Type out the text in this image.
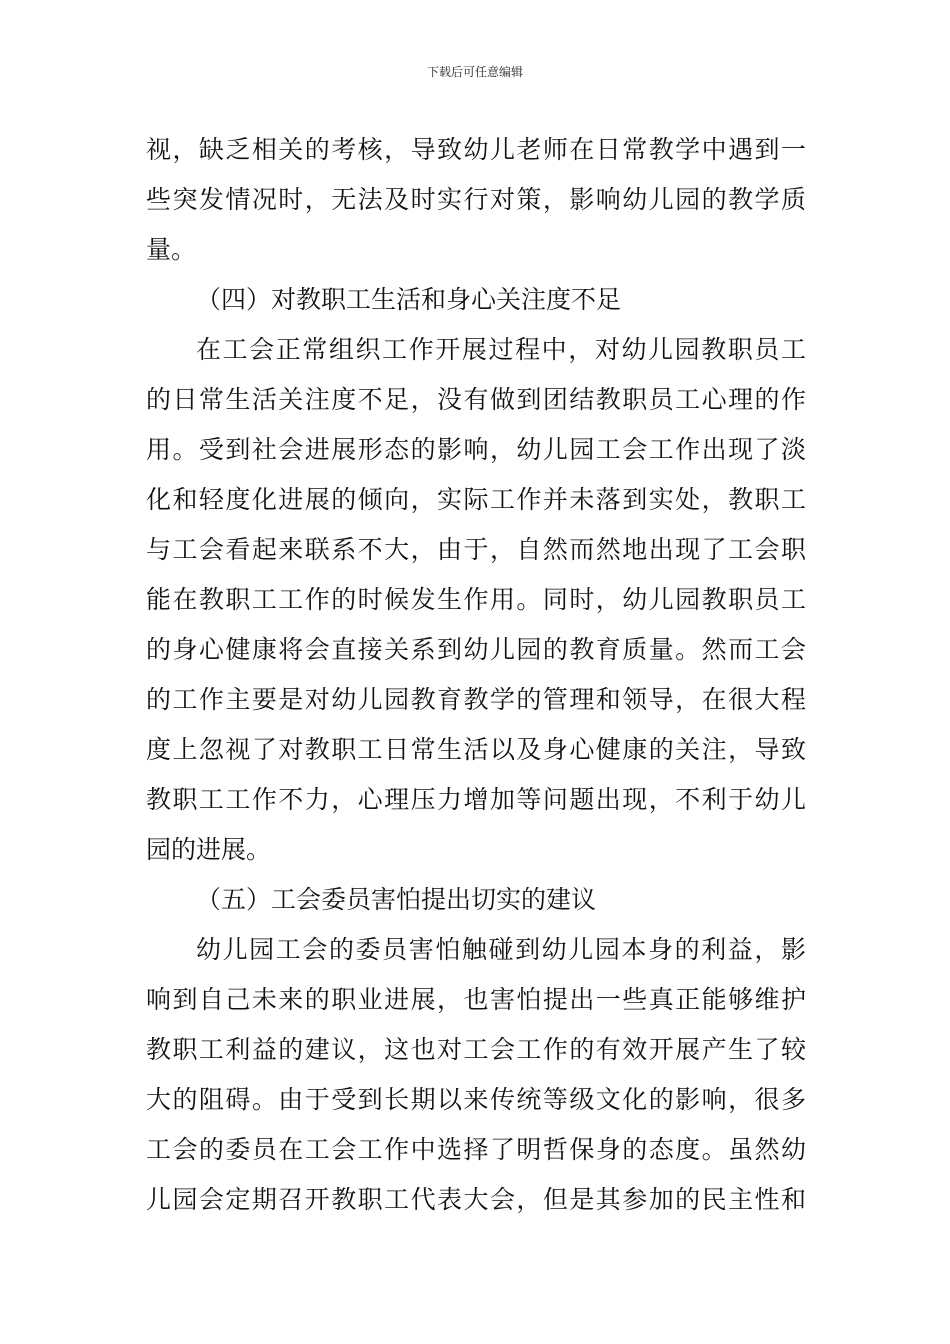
下载后可任意编辑
视，缺乏相关的考核，导致幼儿老师在日常教学中遇到一
些突发情况时，无法及时实行对策，影响幼儿园的教学质
量。
（四）对教职工生活和身心关注度不足
在工会正常组织工作开展过程中，对幼儿园教职员工
的日常生活关注度不足，没有做到团结教职员工心理的作
用。受到社会进展形态的影响，幼儿园工会工作出现了淡
化和轻度化进展的倾向，实际工作并未落到实处，教职工
与工会看起来联系不大，由于，自然而然地出现了工会职
能在教职工工作的时候发生作用。同时，幼儿园教职员工
的身心健康将会直接关系到幼儿园的教育质量。然而工会
的工作主要是对幼儿园教育教学的管理和领导，在很大程
度上忽视了对教职工日常生活以及身心健康的关注，导致
教职工工作不力，心理压力增加等问题出现，不利于幼儿
园的进展。
（五）工会委员害怕提出切实的建议
幼儿园工会的委员害怕触碰到幼儿园本身的利益，影
响到自己未来的职业进展，也害怕提出一些真正能够维护
教职工利益的建议，这也对工会工作的有效开展产生了较
大的阻碍。由于受到长期以来传统等级文化的影响，很多
工会的委员在工会工作中选择了明哲保身的态度。虽然幼
儿园会定期召开教职工代表大会，但是其参加的民主性和
